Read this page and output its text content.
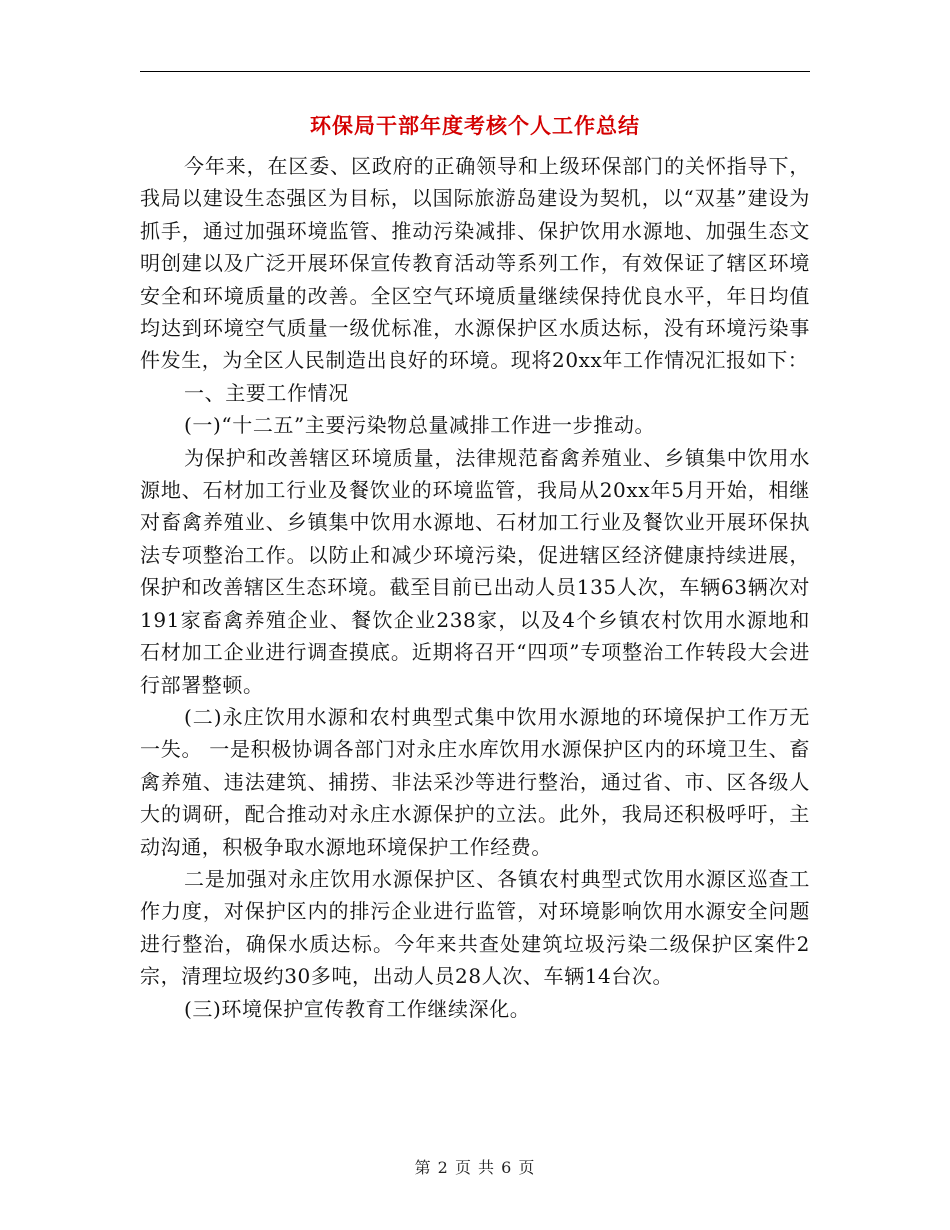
环保局干部年度考核个人工作总结

今年来，在区委、区政府的正确领导和上级环保部门的关怀指导下，我局以建设生态强区为目标，以国际旅游岛建设为契机，以“双基”建设为抓手，通过加强环境监管、推动污染减排、保护饮用水源地、加强生态文明创建以及广泛开展环保宣传教育活动等系列工作，有效保证了辖区环境安全和环境质量的改善。全区空气环境质量继续保持优良水平，年日均值均达到环境空气质量一级优标准，水源保护区水质达标，没有环境污染事件发生，为全区人民制造出良好的环境。现将20xx年工作情况汇报如下：

一、主要工作情况

(一)“十二五”主要污染物总量减排工作进一步推动。

为保护和改善辖区环境质量，法律规范畜禽养殖业、乡镇集中饮用水源地、石材加工行业及餐饮业的环境监管，我局从20xx年5月开始，相继对畜禽养殖业、乡镇集中饮用水源地、石材加工行业及餐饮业开展环保执法专项整治工作。以防止和减少环境污染，促进辖区经济健康持续进展，保护和改善辖区生态环境。截至目前已出动人员135人次，车辆63辆次对191家畜禽养殖企业、餐饮企业238家，以及4个乡镇农村饮用水源地和石材加工企业进行调查摸底。近期将召开“四项”专项整治工作转段大会进行部署整顿。

(二)永庄饮用水源和农村典型式集中饮用水源地的环境保护工作万无一失。 一是积极协调各部门对永庄水库饮用水源保护区内的环境卫生、畜禽养殖、违法建筑、捕捞、非法采沙等进行整治，通过省、市、区各级人大的调研，配合推动对永庄水源保护的立法。此外，我局还积极呼吁，主动沟通，积极争取水源地环境保护工作经费。

二是加强对永庄饮用水源保护区、各镇农村典型式饮用水源区巡查工作力度，对保护区内的排污企业进行监管，对环境影响饮用水源安全问题进行整治，确保水质达标。今年来共查处建筑垃圾污染二级保护区案件2宗，清理垃圾约30多吨，出动人员28人次、车辆14台次。

(三)环境保护宣传教育工作继续深化。

第 2 页 共 6 页
